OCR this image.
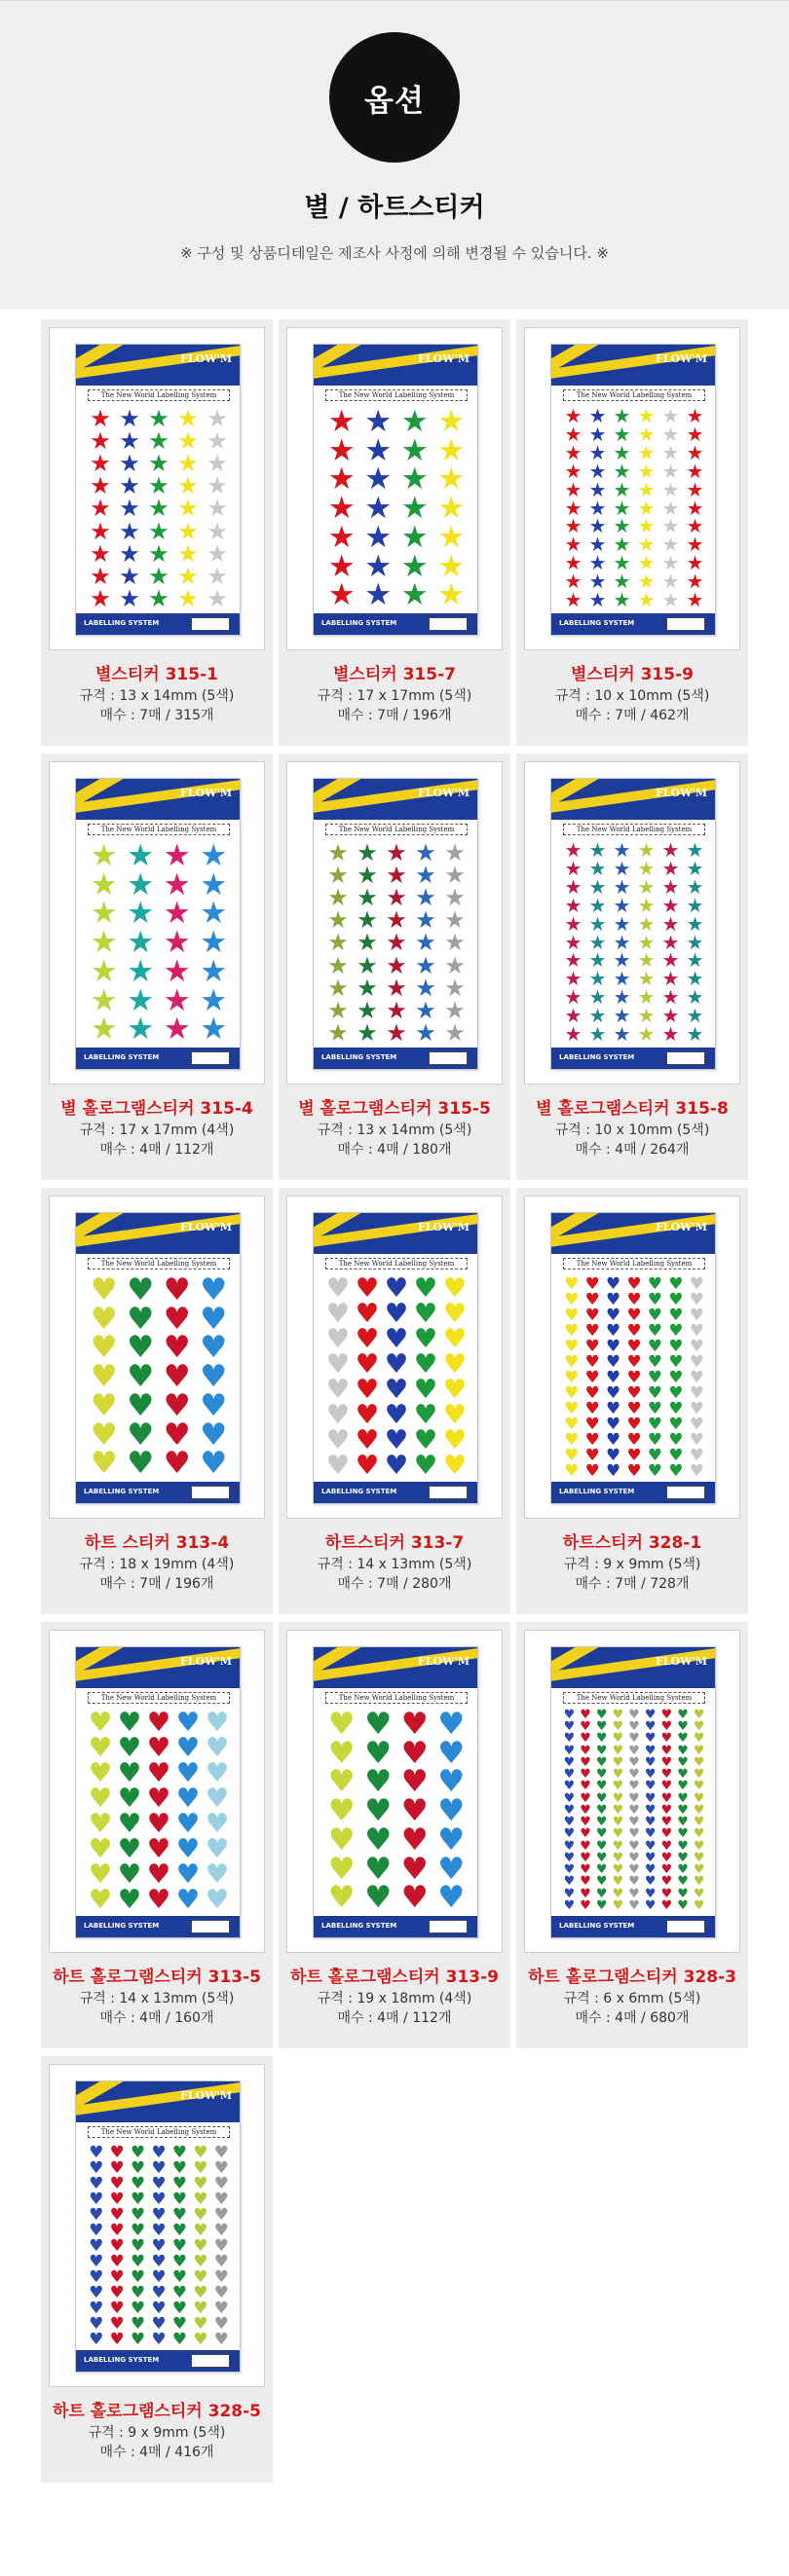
옵션
별 / 하트스티커
※ 구성 및 상품디테일은 제조사 사정에 의해 변경될 수 있습니다. ※
FLOW'M
The New World Labelling System
★ ★ ★ ★ ★
★ ★ ★ ★ ★
★ ★ ★ ★ ★
★ ★ ★ ★ ★
★ ★ ★ ★ ★
★ ★ ★ ★ ★
★ ★ ★ ★ ★
★ ★ ★ ★ ★
★ ★ ★ ★ ★
LABELLING SYSTEM
별스티커 315-1
규격 : 13 x 14mm (5색)
매수 : 7매 / 315개
FLOW'M
The New World Labelling System
★ ★ ★ ★
★ ★ ★ ★
★ ★ ★ ★
★ ★ ★ ★
★ ★ ★ ★
★ ★ ★ ★
★ ★ ★ ★
LABELLING SYSTEM
별스티커 315-7
규격 : 17 x 17mm (5색)
매수 : 7매 / 196개
FLOW'M
The New World Labelling System
★ ★ ★ ★ ★ ★
★ ★ ★ ★ ★ ★
★ ★ ★ ★ ★ ★
★ ★ ★ ★ ★ ★
★ ★ ★ ★ ★ ★
★ ★ ★ ★ ★ ★
★ ★ ★ ★ ★ ★
★ ★ ★ ★ ★ ★
★ ★ ★ ★ ★ ★
★ ★ ★ ★ ★ ★
★ ★ ★ ★ ★ ★
LABELLING SYSTEM
별스티커 315-9
규격 : 10 x 10mm (5색)
매수 : 7매 / 462개
FLOW'M
The New World Labelling System
★ ★ ★ ★
★ ★ ★ ★
★ ★ ★ ★
★ ★ ★ ★
★ ★ ★ ★
★ ★ ★ ★
★ ★ ★ ★
LABELLING SYSTEM
별 홀로그램스티커 315-4
규격 : 17 x 17mm (4색)
매수 : 4매 / 112개
FLOW'M
The New World Labelling System
★ ★ ★ ★ ★
★ ★ ★ ★ ★
★ ★ ★ ★ ★
★ ★ ★ ★ ★
★ ★ ★ ★ ★
★ ★ ★ ★ ★
★ ★ ★ ★ ★
★ ★ ★ ★ ★
★ ★ ★ ★ ★
LABELLING SYSTEM
별 홀로그램스티커 315-5
규격 : 13 x 14mm (5색)
매수 : 4매 / 180개
FLOW'M
The New World Labelling System
★ ★ ★ ★ ★ ★
★ ★ ★ ★ ★ ★
★ ★ ★ ★ ★ ★
★ ★ ★ ★ ★ ★
★ ★ ★ ★ ★ ★
★ ★ ★ ★ ★ ★
★ ★ ★ ★ ★ ★
★ ★ ★ ★ ★ ★
★ ★ ★ ★ ★ ★
★ ★ ★ ★ ★ ★
★ ★ ★ ★ ★ ★
LABELLING SYSTEM
별 홀로그램스티커 315-8
규격 : 10 x 10mm (5색)
매수 : 4매 / 264개
FLOW'M
The New World Labelling System
♥ ♥ ♥ ♥
♥ ♥ ♥ ♥
♥ ♥ ♥ ♥
♥ ♥ ♥ ♥
♥ ♥ ♥ ♥
♥ ♥ ♥ ♥
♥ ♥ ♥ ♥
LABELLING SYSTEM
하트 스티커 313-4
규격 : 18 x 19mm (4색)
매수 : 7매 / 196개
FLOW'M
The New World Labelling System
♥ ♥ ♥ ♥ ♥
♥ ♥ ♥ ♥ ♥
♥ ♥ ♥ ♥ ♥
♥ ♥ ♥ ♥ ♥
♥ ♥ ♥ ♥ ♥
♥ ♥ ♥ ♥ ♥
♥ ♥ ♥ ♥ ♥
♥ ♥ ♥ ♥ ♥
LABELLING SYSTEM
하트스티커 313-7
규격 : 14 x 13mm (5색)
매수 : 7매 / 280개
FLOW'M
The New World Labelling System
♥ ♥ ♥ ♥ ♥ ♥ ♥
♥ ♥ ♥ ♥ ♥ ♥ ♥
♥ ♥ ♥ ♥ ♥ ♥ ♥
♥ ♥ ♥ ♥ ♥ ♥ ♥
♥ ♥ ♥ ♥ ♥ ♥ ♥
♥ ♥ ♥ ♥ ♥ ♥ ♥
♥ ♥ ♥ ♥ ♥ ♥ ♥
♥ ♥ ♥ ♥ ♥ ♥ ♥
♥ ♥ ♥ ♥ ♥ ♥ ♥
♥ ♥ ♥ ♥ ♥ ♥ ♥
♥ ♥ ♥ ♥ ♥ ♥ ♥
♥ ♥ ♥ ♥ ♥ ♥ ♥
♥ ♥ ♥ ♥ ♥ ♥ ♥
LABELLING SYSTEM
하트스티커 328-1
규격 : 9 x 9mm (5색)
매수 : 7매 / 728개
FLOW'M
The New World Labelling System
♥ ♥ ♥ ♥ ♥
♥ ♥ ♥ ♥ ♥
♥ ♥ ♥ ♥ ♥
♥ ♥ ♥ ♥ ♥
♥ ♥ ♥ ♥ ♥
♥ ♥ ♥ ♥ ♥
♥ ♥ ♥ ♥ ♥
♥ ♥ ♥ ♥ ♥
LABELLING SYSTEM
하트 홀로그램스티커 313-5
규격 : 14 x 13mm (5색)
매수 : 4매 / 160개
FLOW'M
The New World Labelling System
♥ ♥ ♥ ♥
♥ ♥ ♥ ♥
♥ ♥ ♥ ♥
♥ ♥ ♥ ♥
♥ ♥ ♥ ♥
♥ ♥ ♥ ♥
♥ ♥ ♥ ♥
LABELLING SYSTEM
하트 홀로그램스티커 313-9
규격 : 19 x 18mm (4색)
매수 : 4매 / 112개
FLOW'M
The New World Labelling System
♥ ♥ ♥ ♥ ♥ ♥ ♥ ♥ ♥
♥ ♥ ♥ ♥ ♥ ♥ ♥ ♥ ♥
♥ ♥ ♥ ♥ ♥ ♥ ♥ ♥ ♥
♥ ♥ ♥ ♥ ♥ ♥ ♥ ♥ ♥
♥ ♥ ♥ ♥ ♥ ♥ ♥ ♥ ♥
♥ ♥ ♥ ♥ ♥ ♥ ♥ ♥ ♥
♥ ♥ ♥ ♥ ♥ ♥ ♥ ♥ ♥
♥ ♥ ♥ ♥ ♥ ♥ ♥ ♥ ♥
♥ ♥ ♥ ♥ ♥ ♥ ♥ ♥ ♥
♥ ♥ ♥ ♥ ♥ ♥ ♥ ♥ ♥
♥ ♥ ♥ ♥ ♥ ♥ ♥ ♥ ♥
♥ ♥ ♥ ♥ ♥ ♥ ♥ ♥ ♥
♥ ♥ ♥ ♥ ♥ ♥ ♥ ♥ ♥
♥ ♥ ♥ ♥ ♥ ♥ ♥ ♥ ♥
♥ ♥ ♥ ♥ ♥ ♥ ♥ ♥ ♥
♥ ♥ ♥ ♥ ♥ ♥ ♥ ♥ ♥
♥ ♥ ♥ ♥ ♥ ♥ ♥ ♥ ♥
LABELLING SYSTEM
하트 홀로그램스티커 328-3
규격 : 6 x 6mm (5색)
매수 : 4매 / 680개
FLOW'M
The New World Labelling System
♥ ♥ ♥ ♥ ♥ ♥ ♥
♥ ♥ ♥ ♥ ♥ ♥ ♥
♥ ♥ ♥ ♥ ♥ ♥ ♥
♥ ♥ ♥ ♥ ♥ ♥ ♥
♥ ♥ ♥ ♥ ♥ ♥ ♥
♥ ♥ ♥ ♥ ♥ ♥ ♥
♥ ♥ ♥ ♥ ♥ ♥ ♥
♥ ♥ ♥ ♥ ♥ ♥ ♥
♥ ♥ ♥ ♥ ♥ ♥ ♥
♥ ♥ ♥ ♥ ♥ ♥ ♥
♥ ♥ ♥ ♥ ♥ ♥ ♥
♥ ♥ ♥ ♥ ♥ ♥ ♥
♥ ♥ ♥ ♥ ♥ ♥ ♥
LABELLING SYSTEM
하트 홀로그램스티커 328-5
규격 : 9 x 9mm (5색)
매수 : 4매 / 416개
